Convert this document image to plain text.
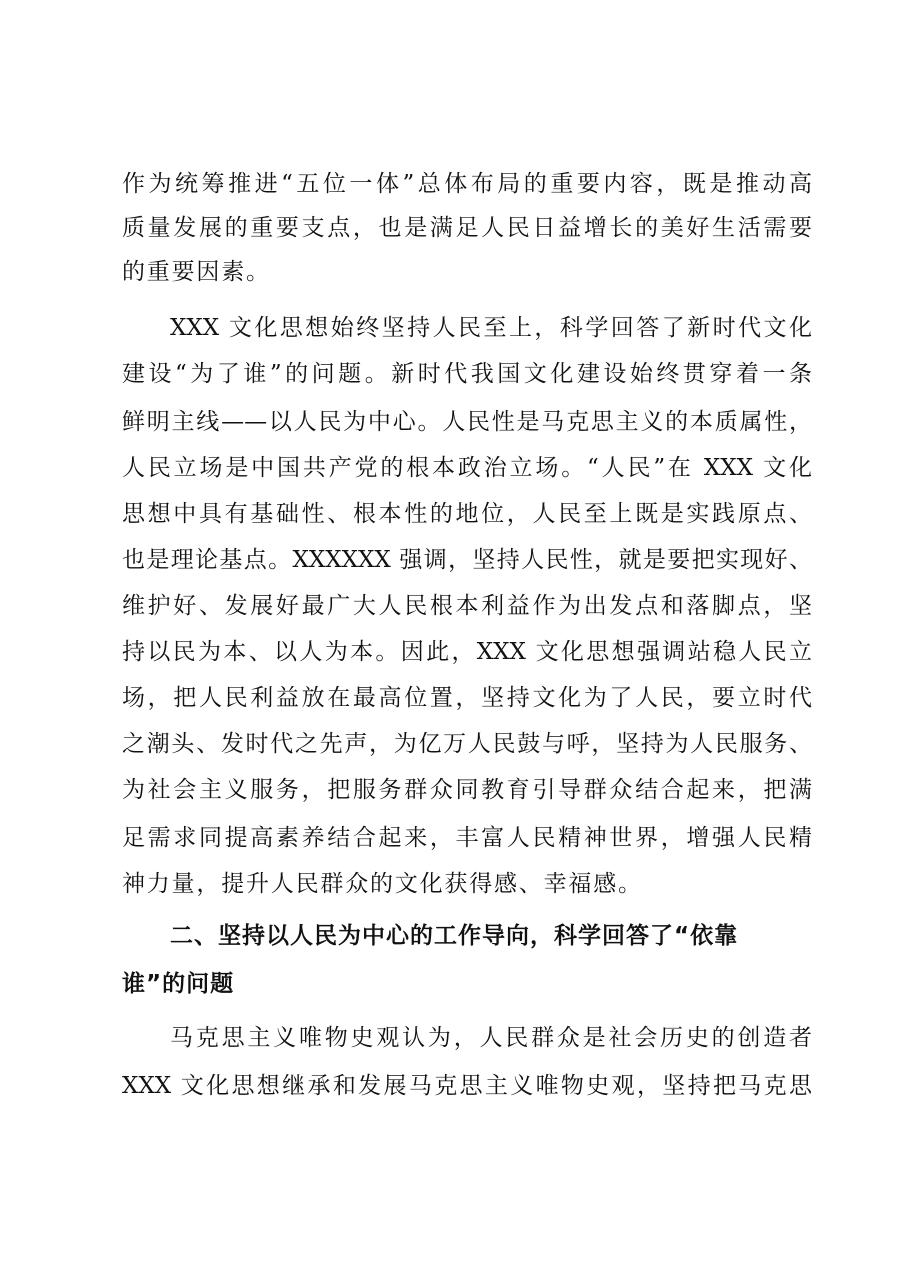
作为统筹推进“五位一体”总体布局的重要内容，既是推动高
质量发展的重要支点，也是满足人民日益增长的美好生活需要
的重要因素。
XXX 文化思想始终坚持人民至上，科学回答了新时代文化
建设“为了谁”的问题。新时代我国文化建设始终贯穿着一条
鲜明主线——以人民为中心。人民性是马克思主义的本质属性，
人民立场是中国共产党的根本政治立场。“人民”在 XXX 文化
思想中具有基础性、根本性的地位，人民至上既是实践原点、
也是理论基点。XXXXXX 强调，坚持人民性，就是要把实现好、
维护好、发展好最广大人民根本利益作为出发点和落脚点，坚
持以民为本、以人为本。因此，XXX 文化思想强调站稳人民立
场，把人民利益放在最高位置，坚持文化为了人民，要立时代
之潮头、发时代之先声，为亿万人民鼓与呼，坚持为人民服务、
为社会主义服务，把服务群众同教育引导群众结合起来，把满
足需求同提高素养结合起来，丰富人民精神世界，增强人民精
神力量，提升人民群众的文化获得感、幸福感。
二、坚持以人民为中心的工作导向，科学回答了“依靠
谁”的问题
马克思主义唯物史观认为，人民群众是社会历史的创造者
XXX 文化思想继承和发展马克思主义唯物史观，坚持把马克思
